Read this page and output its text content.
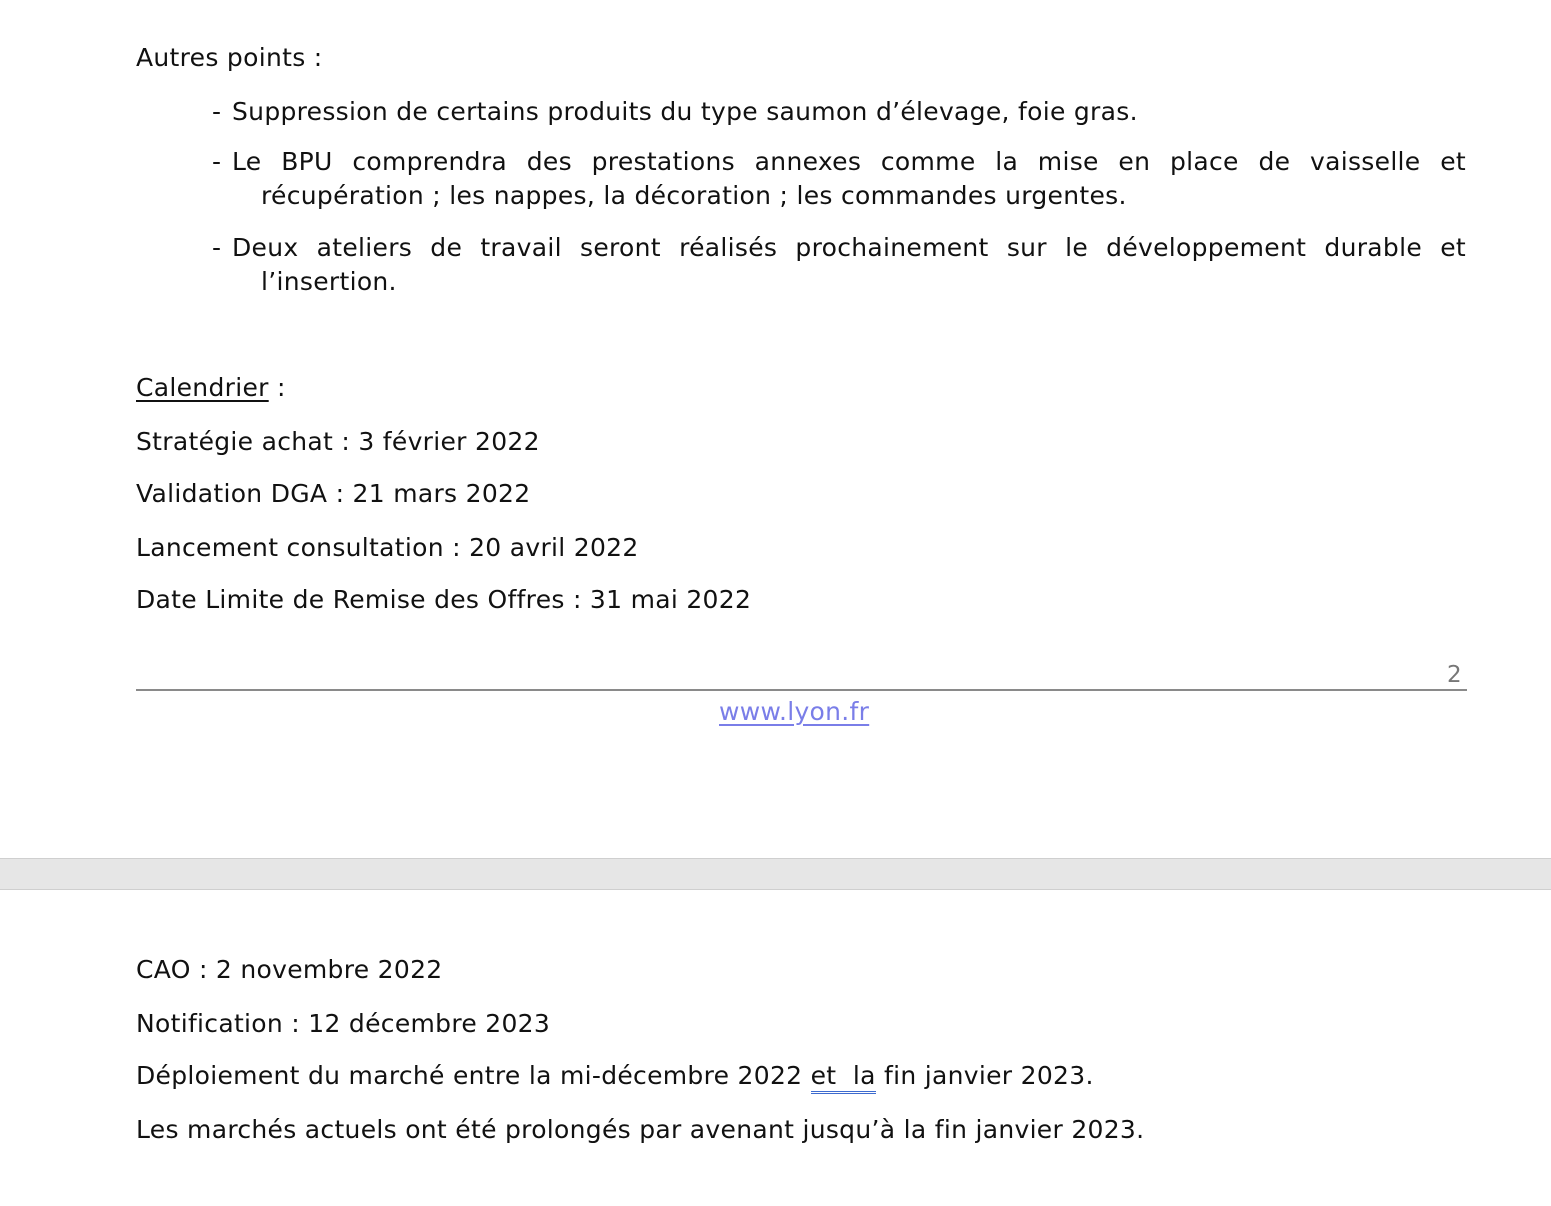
Autres points :
- Suppression de certains produits du type saumon d’élevage, foie gras.
- Le BPU comprendra des prestations annexes comme la mise en place de vaisselle et
récupération ; les nappes, la décoration ; les commandes urgentes.
- Deux ateliers de travail seront réalisés prochainement sur le développement durable et
l’insertion.
Calendrier :
Stratégie achat : 3 février 2022
Validation DGA : 21 mars 2022
Lancement consultation : 20 avril 2022
Date Limite de Remise des Offres : 31 mai 2022
2
www.lyon.fr
CAO : 2 novembre 2022
Notification : 12 décembre 2023
Déploiement du marché entre la mi-décembre 2022 et  la fin janvier 2023.
Les marchés actuels ont été prolongés par avenant jusqu’à la fin janvier 2023.
